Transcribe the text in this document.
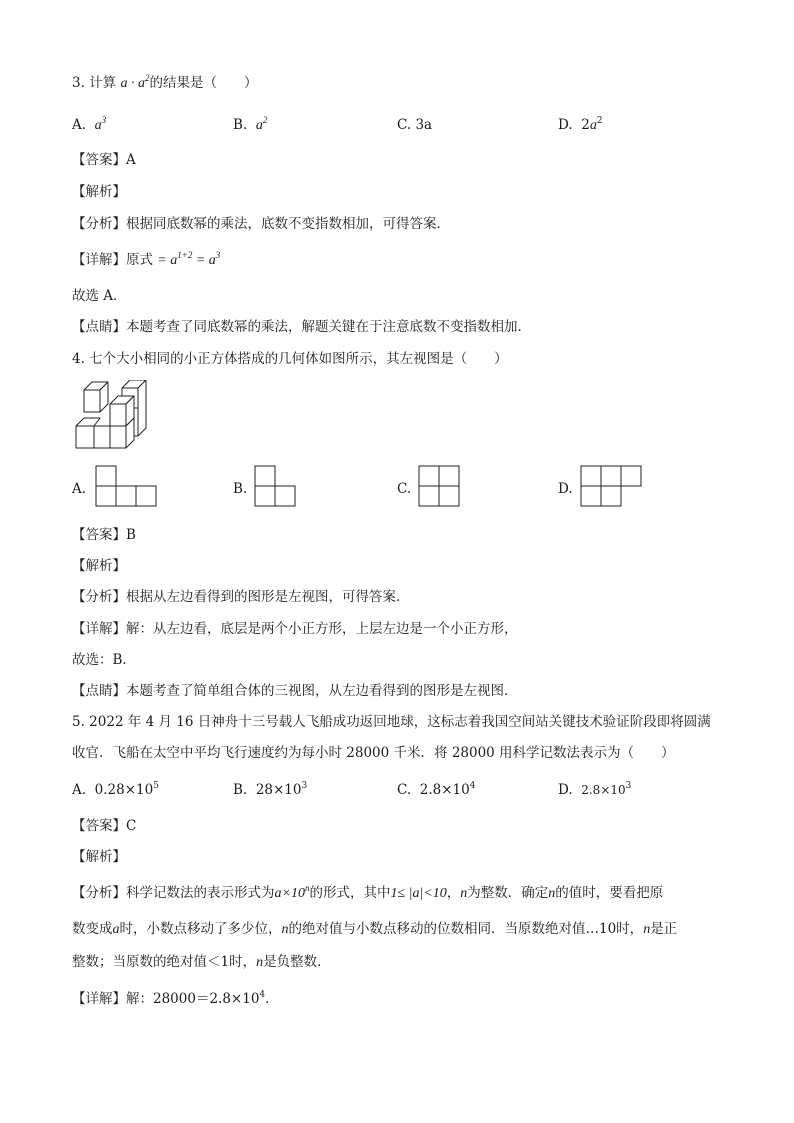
3. 计算 $a \cdot a^2$的结果是（　　）
A. $a^3$	B. $a^2$	C. 3a	D. $2a^2$
【答案】A
【解析】
【分析】根据同底数幂的乘法，底数不变指数相加，可得答案．
【详解】原式 = $a^{1+2} = a^3$
故选 A．
【点睛】本题考查了同底数幂的乘法，解题关键在于注意底数不变指数相加．
4. 七个大小相同的小正方体搭成的几何体如图所示，其左视图是（　　）
A.	B.	C.	D.
【答案】B
【解析】
【分析】根据从左边看得到的图形是左视图，可得答案．
【详解】解：从左边看，底层是两个小正方形，上层左边是一个小正方形，
故选：B．
【点睛】本题考查了简单组合体的三视图，从左边看得到的图形是左视图．
5. 2022 年 4 月 16 日神舟十三号载人飞船成功返回地球，这标志着我国空间站关键技术验证阶段即将圆满
收官．飞船在太空中平均飞行速度约为每小时 28000 千米．将 28000 用科学记数法表示为（　　）
A. $0.28\times 10^5$	B. $28\times 10^3$	C. $2.8\times 10^4$	D. $2.8\times 10^3$
【答案】C
【解析】
【分析】科学记数法的表示形式为$a\times 10^n$的形式，其中1≤ |a|<10，n为整数．确定n的值时，要看把原
数变成a时，小数点移动了多少位，n的绝对值与小数点移动的位数相同．当原数绝对值…10时，n是正
整数；当原数的绝对值＜1时，n是负整数．
【详解】解：$28000=2.8\times 10^4$．
